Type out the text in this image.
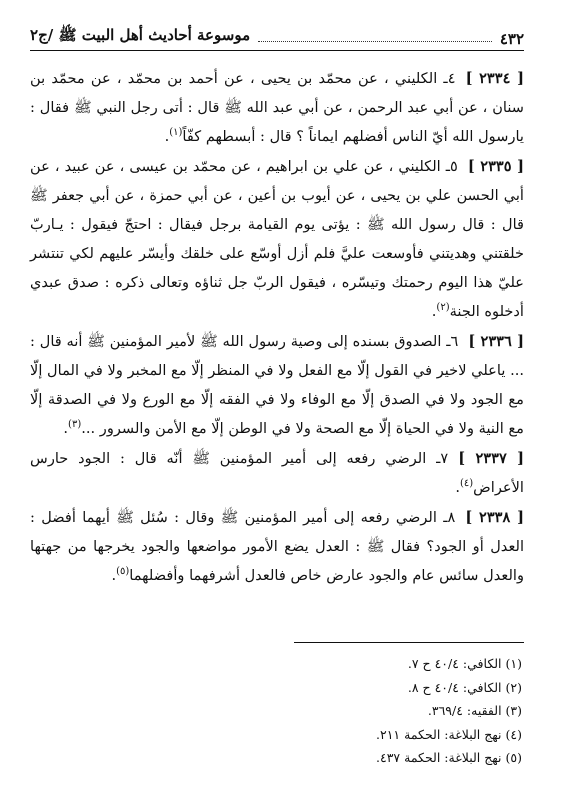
٤٣٢
موسوعة أحاديث أهل البيت ﷺ /ج٢

[ ٢٣٣٤ ]٤ـ الكليني ، عن محمّد بن يحيى ، عن أحمد بن محمّد ، عن محمّد بن سنان ، عن أبي عبد الرحمن ، عن أبي عبد الله ﷺ قال : أتى رجل النبي ﷺ فقال : يارسول الله أيّ الناس أفضلهم ايماناً ؟ قال : أبسطهم كفّاً$^{(١)}$.

[ ٢٣٣٥ ]٥ـ الكليني ، عن علي بن ابراهيم ، عن محمّد بن عيسى ، عن عبيد ، عن أبي الحسن علي بن يحيى ، عن أيوب بن أعين ، عن أبي حمزة ، عن أبي جعفر ﷺ قال : قال رسول الله ﷺ : يؤتى يوم القيامة برجل فيقال : احتجّ فيقول : يـاربّ خلقتني وهديتني فأوسعت عليَّ فلم أزل أوسّع على خلقك وأيسّر عليهم لكي تنتشر عليّ هذا اليوم رحمتك وتيسّره ، فيقول الربّ جل ثناؤه وتعالى ذكره : صدق عبدي أدخلوه الجنة$^{(٢)}$.

[ ٢٣٣٦ ]٦ـ الصدوق بسنده إلى وصية رسول الله ﷺ لأمير المؤمنين ﷺ أنه قال : ... ياعلي لاخير في القول إلّا مع الفعل ولا في المنظر إلّا مع المخبر ولا في المال إلّا مع الجود ولا في الصدق إلّا مع الوفاء ولا في الفقه إلّا مع الورع ولا في الصدقة إلّا مع النية ولا في الحياة إلّا مع الصحة ولا في الوطن إلّا مع الأمن والسرور ...$^{(٣)}$.

[ ٢٣٣٧ ]٧ـ الرضي رفعه إلى أمير المؤمنين ﷺ أنّه قال : الجود حارس الأعراض$^{(٤)}$.

[ ٢٣٣٨ ]٨ـ الرضي رفعه إلى أمير المؤمنين ﷺ وقال : سُئل ﷺ أيهما أفضل : العدل أو الجود؟ فقال ﷺ : العدل يضع الأمور مواضعها والجود يخرجها من جهتها والعدل سائس عام والجود عارض خاص فالعدل أشرفهما وأفضلهما$^{(٥)}$.

(١) الكافي: ٤٠/٤ ح ٧.
(٢) الكافي: ٤٠/٤ ح ٨.
(٣) الفقيه: ٣٦٩/٤.
(٤) نهج البلاغة: الحكمة ٢١١.
(٥) نهج البلاغة: الحكمة ٤٣٧.
